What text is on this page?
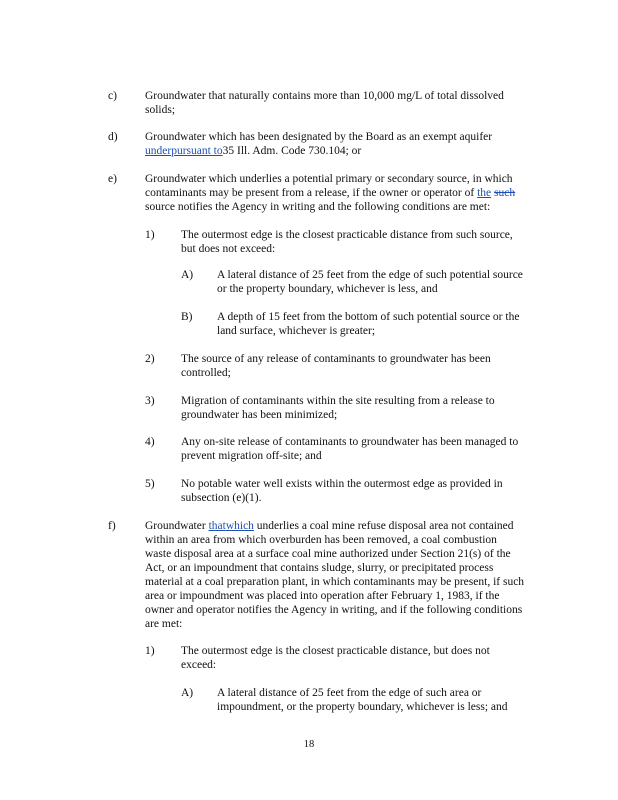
c) Groundwater that naturally contains more than 10,000 mg/L of total dissolved
solids;
d) Groundwater which has been designated by the Board as an exempt aquifer
underpursuant to35 Ill. Adm. Code 730.104; or
e) Groundwater which underlies a potential primary or secondary source, in which
contaminants may be present from a release, if the owner or operator of the such
source notifies the Agency in writing and the following conditions are met:
1) The outermost edge is the closest practicable distance from such source,
but does not exceed:
A) A lateral distance of 25 feet from the edge of such potential source
or the property boundary, whichever is less, and
B) A depth of 15 feet from the bottom of such potential source or the
land surface, whichever is greater;
2) The source of any release of contaminants to groundwater has been
controlled;
3) Migration of contaminants within the site resulting from a release to
groundwater has been minimized;
4) Any on-site release of contaminants to groundwater has been managed to
prevent migration off-site; and
5) No potable water well exists within the outermost edge as provided in
subsection (e)(1).
f)	Groundwater thatwhich underlies a coal mine refuse disposal area not contained
within an area from which overburden has been removed, a coal combustion
waste disposal area at a surface coal mine authorized under Section 21(s) of the
Act, or an impoundment that contains sludge, slurry, or precipitated process
material at a coal preparation plant, in which contaminants may be present, if such
area or impoundment was placed into operation after February 1, 1983, if the
owner and operator notifies the Agency in writing, and if the following conditions
are met:
1) The outermost edge is the closest practicable distance, but does not
exceed:
A) A lateral distance of 25 feet from the edge of such area or
impoundment, or the property boundary, whichever is less; and
18
